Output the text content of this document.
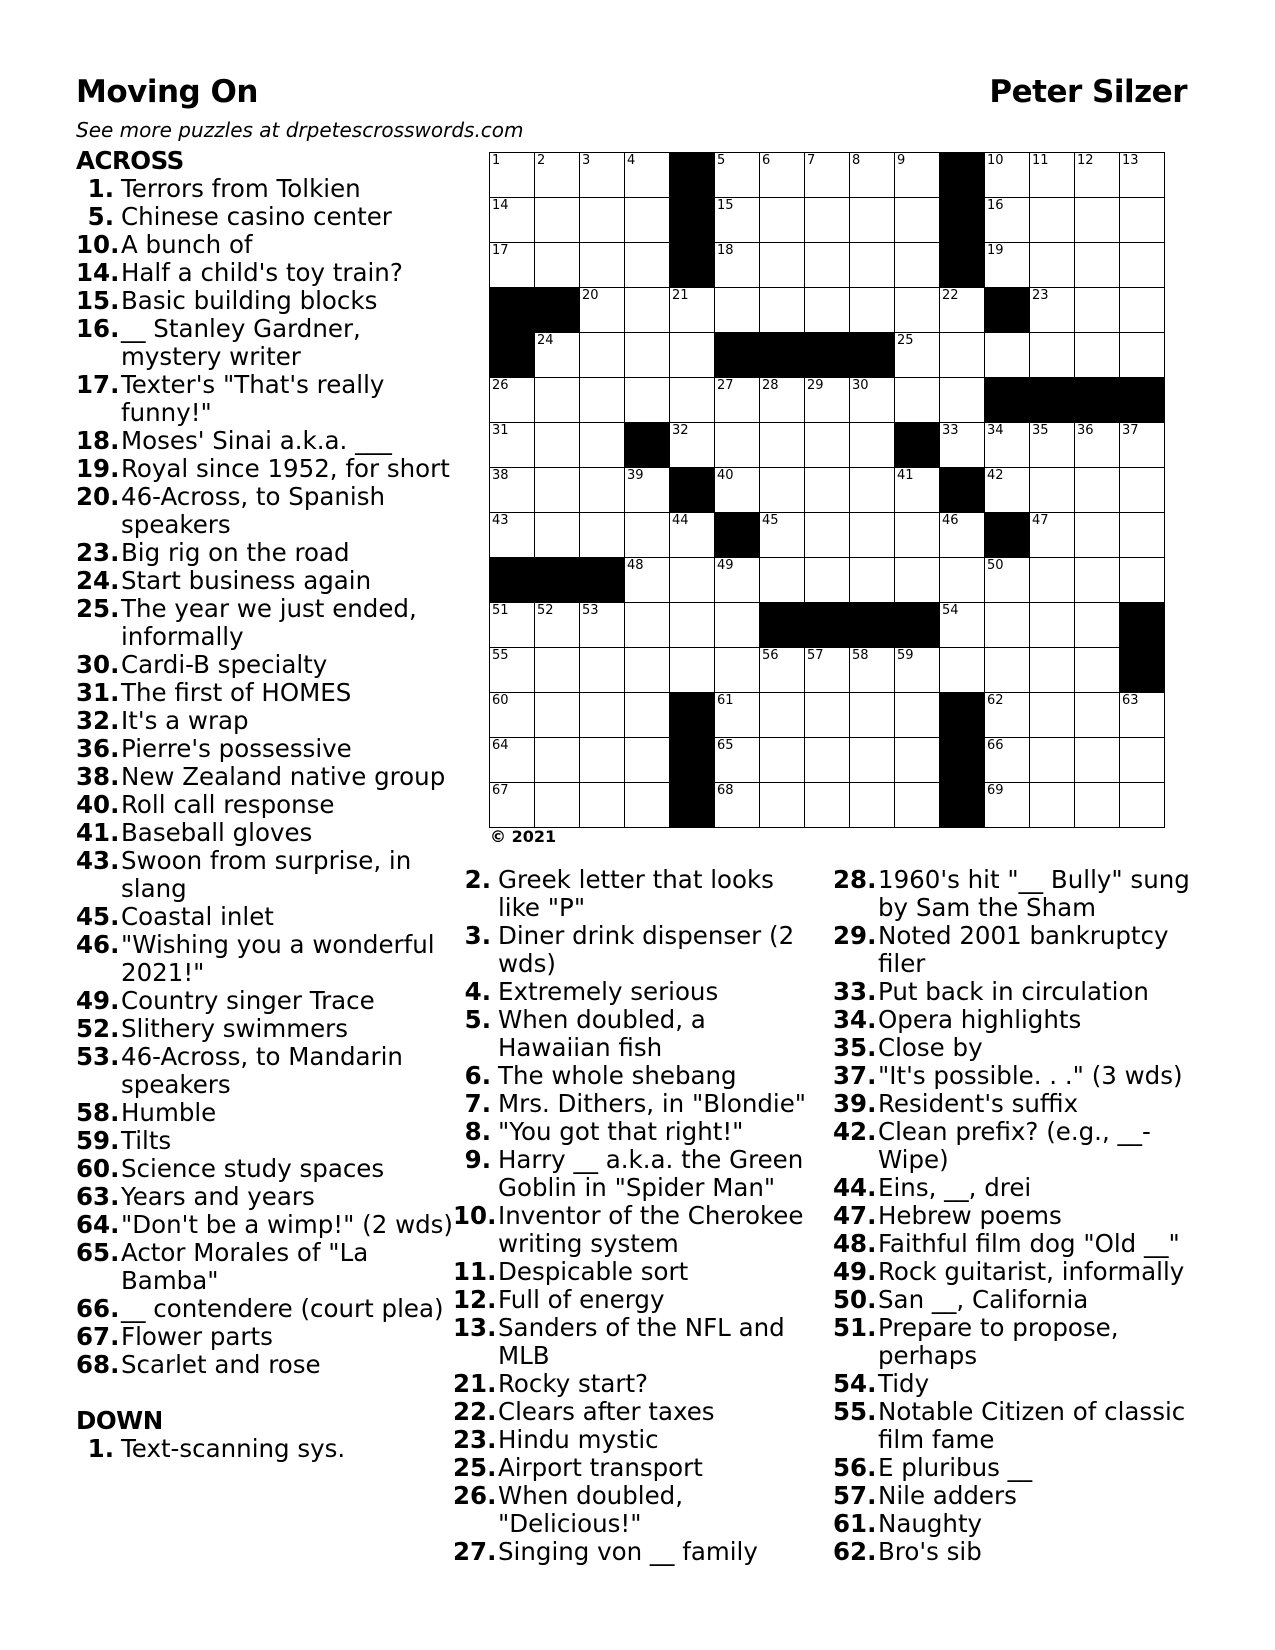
Moving On	Peter Silzer
See more puzzles at drpetescrosswords.com
1	2	3	4	5	6	7	8	9	10 11 12 13
14	15	16
17	18	19
20	21	22	23
24	25
26	27 28 29 30
31	32	33 34 35 36 37
38	39	40	41	42
43	44	45	46	47
48	49	50
51 52 53	54
55	56 57 58 59
60	61	62	63
64	65	66
67	68	69
© 2021
ACROSS
1. Terrors from Tolkien
5. Chinese casino center
10. A bunch of
14. Half a child's toy train?
15. Basic building blocks
16. __ Stanley Gardner, mystery writer
17. Texter's "That's really funny!"
18. Moses' Sinai a.k.a. ___
19. Royal since 1952, for short
20. 46-Across, to Spanish speakers
23. Big rig on the road
24. Start business again
25. The year we just ended, informally
30. Cardi-B specialty
31. The first of HOMES
32. It's a wrap
36. Pierre's possessive
38. New Zealand native group
40. Roll call response
41. Baseball gloves
43. Swoon from surprise, in slang
45. Coastal inlet
46. "Wishing you a wonderful 2021!"
49. Country singer Trace
52. Slithery swimmers
53. 46-Across, to Mandarin speakers
58. Humble
59. Tilts
60. Science study spaces
63. Years and years
64. "Don't be a wimp!" (2 wds)
65. Actor Morales of "La Bamba"
66. __ contendere (court plea)
67. Flower parts
68. Scarlet and rose
DOWN
1. Text-scanning sys.
2. Greek letter that looks like "P"
3. Diner drink dispenser (2 wds)
4. Extremely serious
5. When doubled, a Hawaiian fish
6. The whole shebang
7. Mrs. Dithers, in "Blondie"
8. "You got that right!"
9. Harry __ a.k.a. the Green Goblin in "Spider Man"
10. Inventor of the Cherokee writing system
11. Despicable sort
12. Full of energy
13. Sanders of the NFL and MLB
21. Rocky start?
22. Clears after taxes
23. Hindu mystic
25. Airport transport
26. When doubled, "Delicious!"
27. Singing von __ family
28. 1960's hit "__ Bully" sung by Sam the Sham
29. Noted 2001 bankruptcy filer
33. Put back in circulation
34. Opera highlights
35. Close by
37. "It's possible. . ." (3 wds)
39. Resident's suffix
42. Clean prefix? (e.g., __-Wipe)
44. Eins, __, drei
47. Hebrew poems
48. Faithful film dog "Old __"
49. Rock guitarist, informally
50. San __, California
51. Prepare to propose, perhaps
54. Tidy
55. Notable Citizen of classic film fame
56. E pluribus __
57. Nile adders
61. Naughty
62. Bro's sib
